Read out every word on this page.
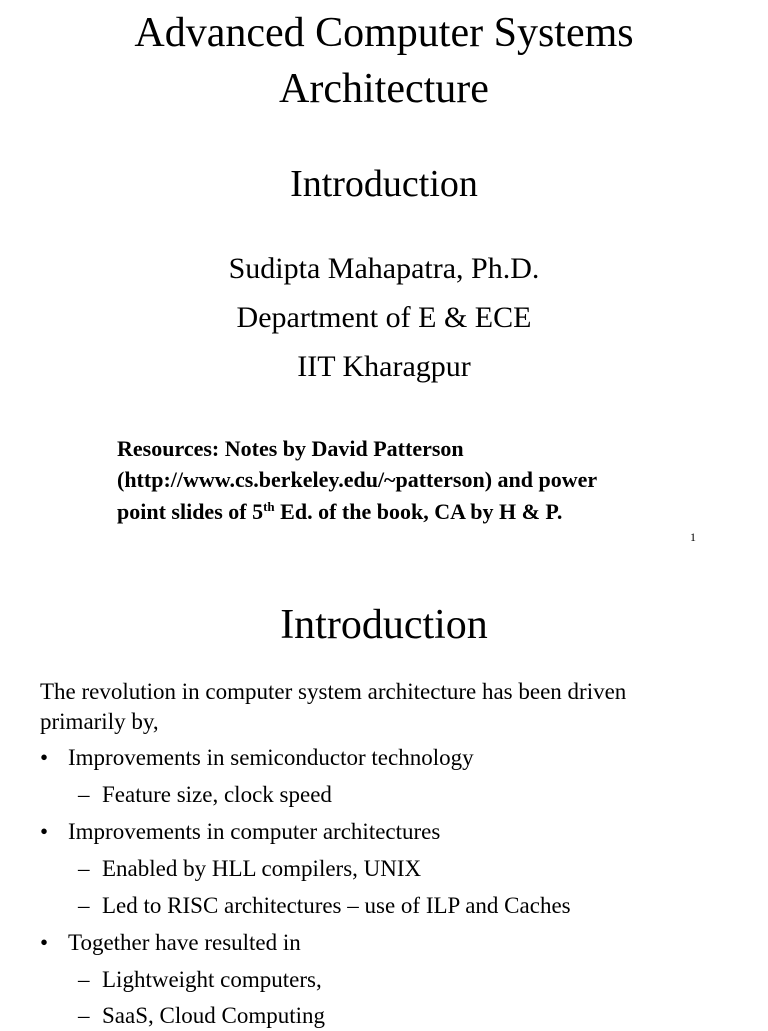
Advanced Computer Systems
Architecture
Introduction
Sudipta Mahapatra, Ph.D.
Department of E & ECE
IIT Kharagpur
Resources: Notes by David Patterson
(http://www.cs.berkeley.edu/~patterson) and power
point slides of 5th Ed. of the book, CA by H & P.
1
Introduction
The revolution in computer system architecture has been driven
primarily by,
• Improvements in semiconductor technology
– Feature size, clock speed
• Improvements in computer architectures
– Enabled by HLL compilers, UNIX
– Led to RISC architectures – use of ILP and Caches
• Together have resulted in
– Lightweight computers,
– SaaS, Cloud Computing
